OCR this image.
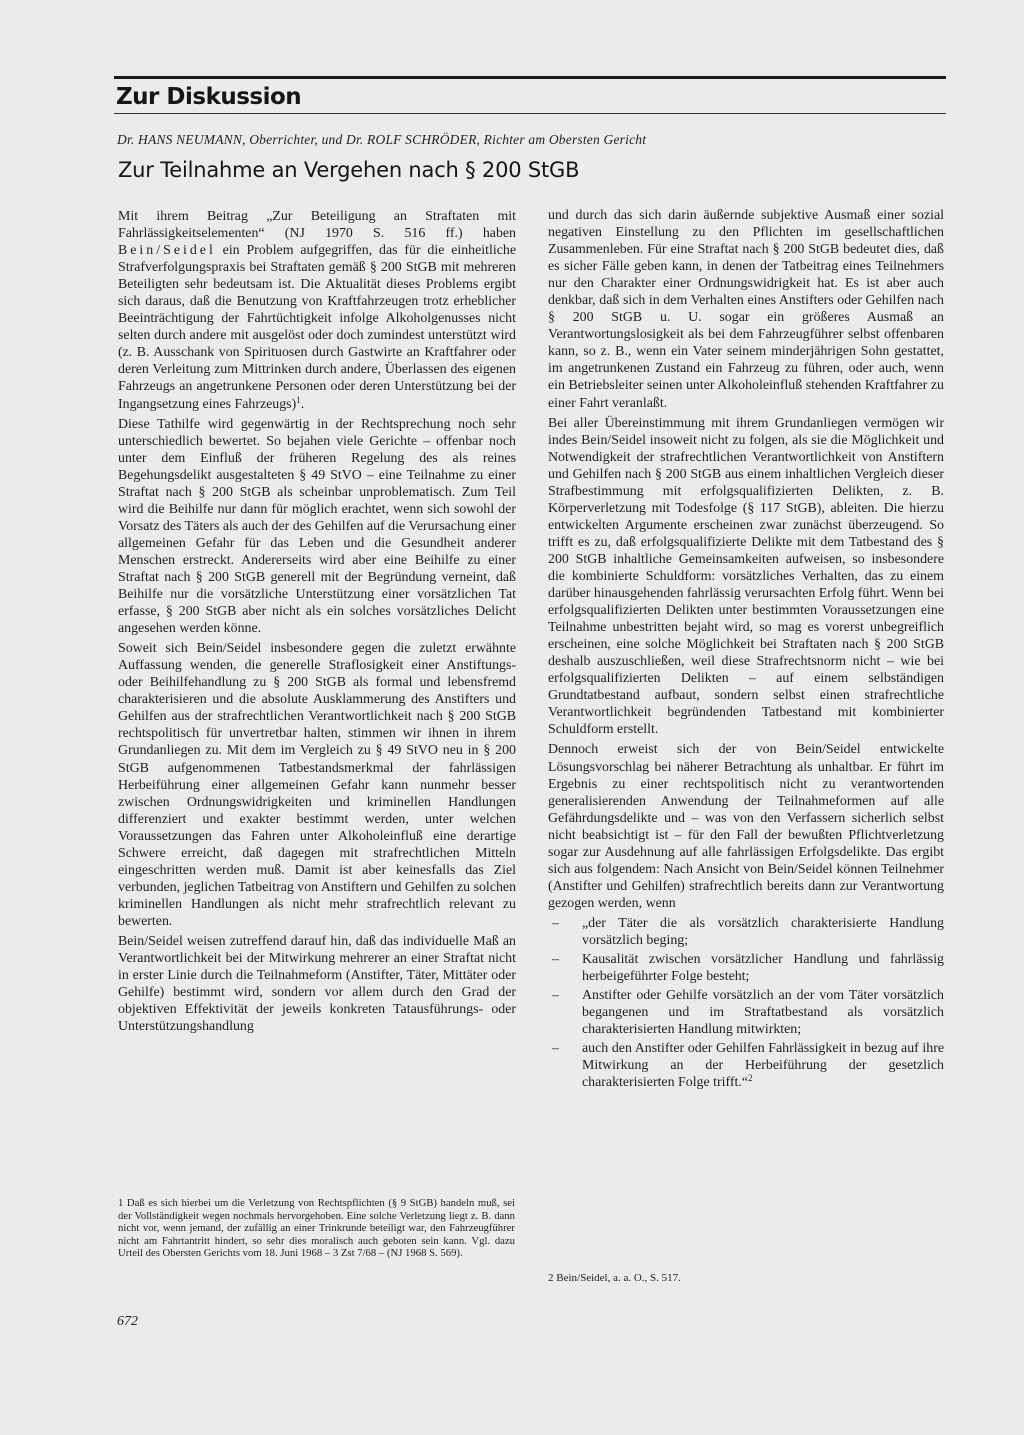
Zur Diskussion

Dr. HANS NEUMANN, Oberrichter, und Dr. ROLF SCHRÖDER, Richter am Obersten Gericht

Zur Teilnahme an Vergehen nach § 200 StGB

Mit ihrem Beitrag „Zur Beteiligung an Straftaten mit Fahrlässigkeitselementen“ (NJ 1970 S. 516 ff.) haben Bein/Seidel ein Problem aufgegriffen, das für die einheitliche Strafverfolgungspraxis bei Straftaten gemäß § 200 StGB mit mehreren Beteiligten sehr bedeutsam ist. Die Aktualität dieses Problems ergibt sich daraus, daß die Benutzung von Kraftfahrzeugen trotz erheblicher Beeinträchtigung der Fahrtüchtigkeit infolge Alkoholgenusses nicht selten durch andere mit ausgelöst oder doch zumindest unterstützt wird (z. B. Ausschank von Spirituosen durch Gastwirte an Kraftfahrer oder deren Verleitung zum Mittrinken durch andere, Überlassen des eigenen Fahrzeugs an angetrunkene Personen oder deren Unterstützung bei der Ingangsetzung eines Fahrzeugs)$^1$.

Diese Tathilfe wird gegenwärtig in der Rechtsprechung noch sehr unterschiedlich bewertet. So bejahen viele Gerichte – offenbar noch unter dem Einfluß der früheren Regelung des als reines Begehungsdelikt ausgestalteten § 49 StVO – eine Teilnahme zu einer Straftat nach § 200 StGB als scheinbar unproblematisch. Zum Teil wird die Beihilfe nur dann für möglich erachtet, wenn sich sowohl der Vorsatz des Täters als auch der des Gehilfen auf die Verursachung einer allgemeinen Gefahr für das Leben und die Gesundheit anderer Menschen erstreckt. Andererseits wird aber eine Beihilfe zu einer Straftat nach § 200 StGB generell mit der Begründung verneint, daß Beihilfe nur die vorsätzliche Unterstützung einer vorsätzlichen Tat erfasse, § 200 StGB aber nicht als ein solches vorsätzliches Delicht angesehen werden könne.

Soweit sich Bein/Seidel insbesondere gegen die zuletzt erwähnte Auffassung wenden, die generelle Straflosigkeit einer Anstiftungs- oder Beihilfehandlung zu § 200 StGB als formal und lebensfremd charakterisieren und die absolute Ausklammerung des Anstifters und Gehilfen aus der strafrechtlichen Verantwortlichkeit nach § 200 StGB rechtspolitisch für unvertretbar halten, stimmen wir ihnen in ihrem Grundanliegen zu. Mit dem im Vergleich zu § 49 StVO neu in § 200 StGB aufgenommenen Tatbestandsmerkmal der fahrlässigen Herbeiführung einer allgemeinen Gefahr kann nunmehr besser zwischen Ordnungswidrigkeiten und kriminellen Handlungen differenziert und exakter bestimmt werden, unter welchen Voraussetzungen das Fahren unter Alkoholeinfluß eine derartige Schwere erreicht, daß dagegen mit strafrechtlichen Mitteln eingeschritten werden muß. Damit ist aber keinesfalls das Ziel verbunden, jeglichen Tatbeitrag von Anstiftern und Gehilfen zu solchen kriminellen Handlungen als nicht mehr strafrechtlich relevant zu bewerten.

Bein/Seidel weisen zutreffend darauf hin, daß das individuelle Maß an Verantwortlichkeit bei der Mitwirkung mehrerer an einer Straftat nicht in erster Linie durch die Teilnahmeform (Anstifter, Täter, Mittäter oder Gehilfe) bestimmt wird, sondern vor allem durch den Grad der objektiven Effektivität der jeweils konkreten Tatausführungs- oder Unterstützungshandlung

1 Daß es sich hierbei um die Verletzung von Rechtspflichten (§ 9 StGB) handeln muß, sei der Vollständigkeit wegen nochmals hervorgehoben. Eine solche Verletzung liegt z. B. dann nicht vor, wenn jemand, der zufällig an einer Trinkrunde beteiligt war, den Fahrzeugführer nicht am Fahrtantritt hindert, so sehr dies moralisch auch geboten sein kann. Vgl. dazu Urteil des Obersten Gerichts vom 18. Juni 1968 – 3 Zst 7/68 – (NJ 1968 S. 569).

und durch das sich darin äußernde subjektive Ausmaß einer sozial negativen Einstellung zu den Pflichten im gesellschaftlichen Zusammenleben. Für eine Straftat nach § 200 StGB bedeutet dies, daß es sicher Fälle geben kann, in denen der Tatbeitrag eines Teilnehmers nur den Charakter einer Ordnungswidrigkeit hat. Es ist aber auch denkbar, daß sich in dem Verhalten eines Anstifters oder Gehilfen nach § 200 StGB u. U. sogar ein größeres Ausmaß an Verantwortungslosigkeit als bei dem Fahrzeugführer selbst offenbaren kann, so z. B., wenn ein Vater seinem minderjährigen Sohn gestattet, im angetrunkenen Zustand ein Fahrzeug zu führen, oder auch, wenn ein Betriebsleiter seinen unter Alkoholeinfluß stehenden Kraftfahrer zu einer Fahrt veranlaßt.

Bei aller Übereinstimmung mit ihrem Grundanliegen vermögen wir indes Bein/Seidel insoweit nicht zu folgen, als sie die Möglichkeit und Notwendigkeit der strafrechtlichen Verantwortlichkeit von Anstiftern und Gehilfen nach § 200 StGB aus einem inhaltlichen Vergleich dieser Strafbestimmung mit erfolgsqualifizierten Delikten, z. B. Körperverletzung mit Todesfolge (§ 117 StGB), ableiten. Die hierzu entwickelten Argumente erscheinen zwar zunächst überzeugend. So trifft es zu, daß erfolgsqualifizierte Delikte mit dem Tatbestand des § 200 StGB inhaltliche Gemeinsamkeiten aufweisen, so insbesondere die kombinierte Schuldform: vorsätzliches Verhalten, das zu einem darüber hinausgehenden fahrlässig verursachten Erfolg führt. Wenn bei erfolgsqualifizierten Delikten unter bestimmten Voraussetzungen eine Teilnahme unbestritten bejaht wird, so mag es vorerst unbegreiflich erscheinen, eine solche Möglichkeit bei Straftaten nach § 200 StGB deshalb auszuschließen, weil diese Strafrechtsnorm nicht – wie bei erfolgsqualifizierten Delikten – auf einem selbständigen Grundtatbestand aufbaut, sondern selbst einen strafrechtliche Verantwortlichkeit begründenden Tatbestand mit kombinierter Schuldform erstellt.

Dennoch erweist sich der von Bein/Seidel entwickelte Lösungsvorschlag bei näherer Betrachtung als unhaltbar. Er führt im Ergebnis zu einer rechtspolitisch nicht zu verantwortenden generalisierenden Anwendung der Teilnahmeformen auf alle Gefährdungsdelikte und – was von den Verfassern sicherlich selbst nicht beabsichtigt ist – für den Fall der bewußten Pflichtverletzung sogar zur Ausdehnung auf alle fahrlässigen Erfolgsdelikte. Das ergibt sich aus folgendem: Nach Ansicht von Bein/Seidel können Teilnehmer (Anstifter und Gehilfen) strafrechtlich bereits dann zur Verantwortung gezogen werden, wenn

– „der Täter die als vorsätzlich charakterisierte Handlung vorsätzlich beging;
– Kausalität zwischen vorsätzlicher Handlung und fahrlässig herbeigeführter Folge besteht;
– Anstifter oder Gehilfe vorsätzlich an der vom Täter vorsätzlich begangenen und im Straftatbestand als vorsätzlich charakterisierten Handlung mitwirkten;
– auch den Anstifter oder Gehilfen Fahrlässigkeit in bezug auf ihre Mitwirkung an der Herbeiführung der gesetzlich charakterisierten Folge trifft.“$^2$
2 Bein/Seidel, a. a. O., S. 517.
672
